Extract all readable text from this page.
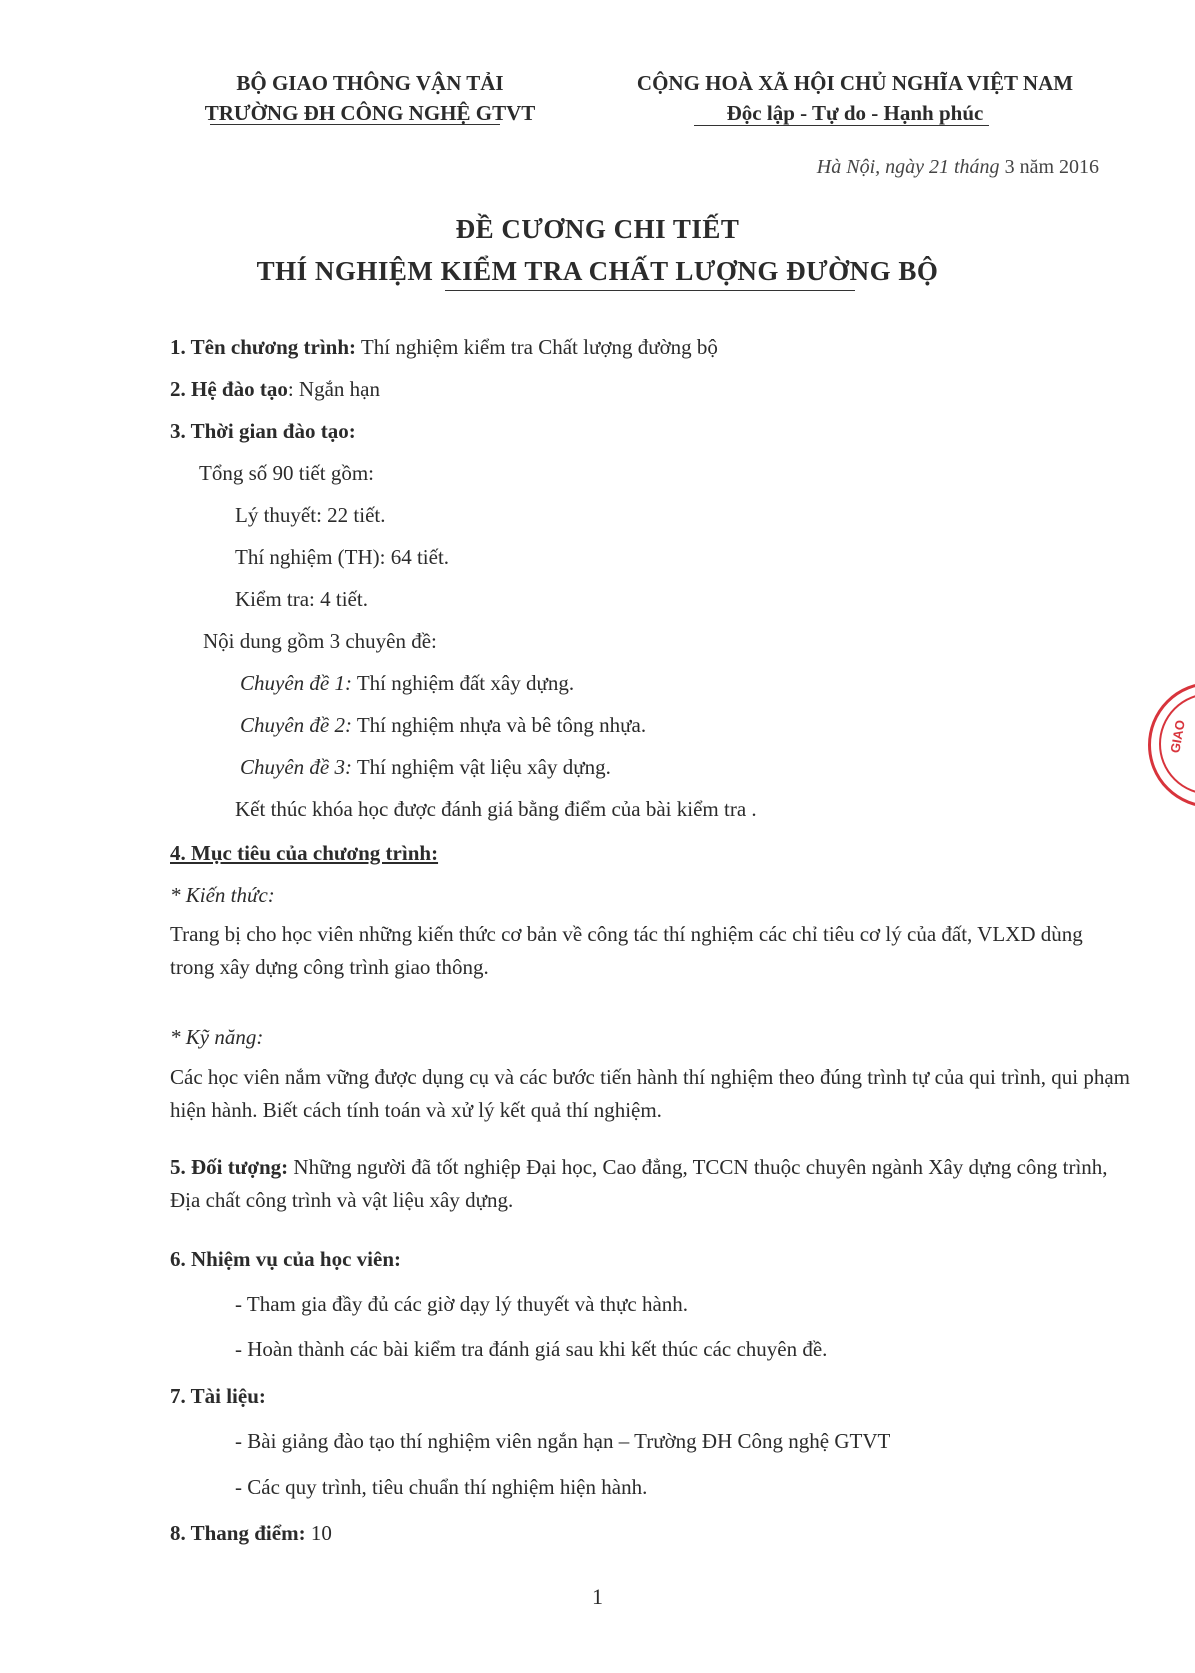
BỘ GIAO THÔNG VẬN TẢI
TRƯỜNG ĐH CÔNG NGHỆ GTVT
CỘNG HOÀ XÃ HỘI CHỦ NGHĨA VIỆT NAM
Độc lập - Tự do - Hạnh phúc
Hà Nội, ngày 21 tháng 3 năm 2016
ĐỀ CƯƠNG CHI TIẾT
THÍ NGHIỆM KIỂM TRA CHẤT LƯỢNG ĐƯỜNG BỘ
1. Tên chương trình: Thí nghiệm kiểm tra Chất lượng đường bộ
2. Hệ đào tạo: Ngắn hạn
3. Thời gian đào tạo:
Tổng số 90 tiết gồm:
Lý thuyết: 22 tiết.
Thí nghiệm (TH): 64 tiết.
Kiểm tra: 4 tiết.
Nội dung gồm 3 chuyên đề:
Chuyên đề 1: Thí nghiệm đất xây dựng.
Chuyên đề 2: Thí nghiệm nhựa và bê tông nhựa.
Chuyên đề 3: Thí nghiệm vật liệu xây dựng.
Kết thúc khóa học được đánh giá bằng điểm của bài kiểm tra .
4. Mục tiêu của chương trình:
* Kiến thức:
Trang bị cho học viên những kiến thức cơ bản về công tác thí nghiệm các chỉ tiêu cơ lý của đất, VLXD dùng trong xây dựng công trình giao thông.
* Kỹ năng:
Các học viên nắm vững được dụng cụ và các bước tiến hành thí nghiệm theo đúng trình tự của qui trình, qui phạm hiện hành. Biết cách tính toán và xử lý kết quả thí nghiệm.
5. Đối tượng: Những người đã tốt nghiệp Đại học, Cao đẳng, TCCN thuộc chuyên ngành Xây dựng công trình, Địa chất công trình và vật liệu xây dựng.
6. Nhiệm vụ của học viên:
- Tham gia đầy đủ các giờ dạy lý thuyết và thực hành.
- Hoàn thành các bài kiểm tra đánh giá sau khi kết thúc các chuyên đề.
7. Tài liệu:
- Bài giảng đào tạo thí nghiệm viên ngắn hạn – Trường ĐH Công nghệ GTVT
- Các quy trình, tiêu chuẩn thí nghiệm hiện hành.
8. Thang điểm: 10
1
GIAO
